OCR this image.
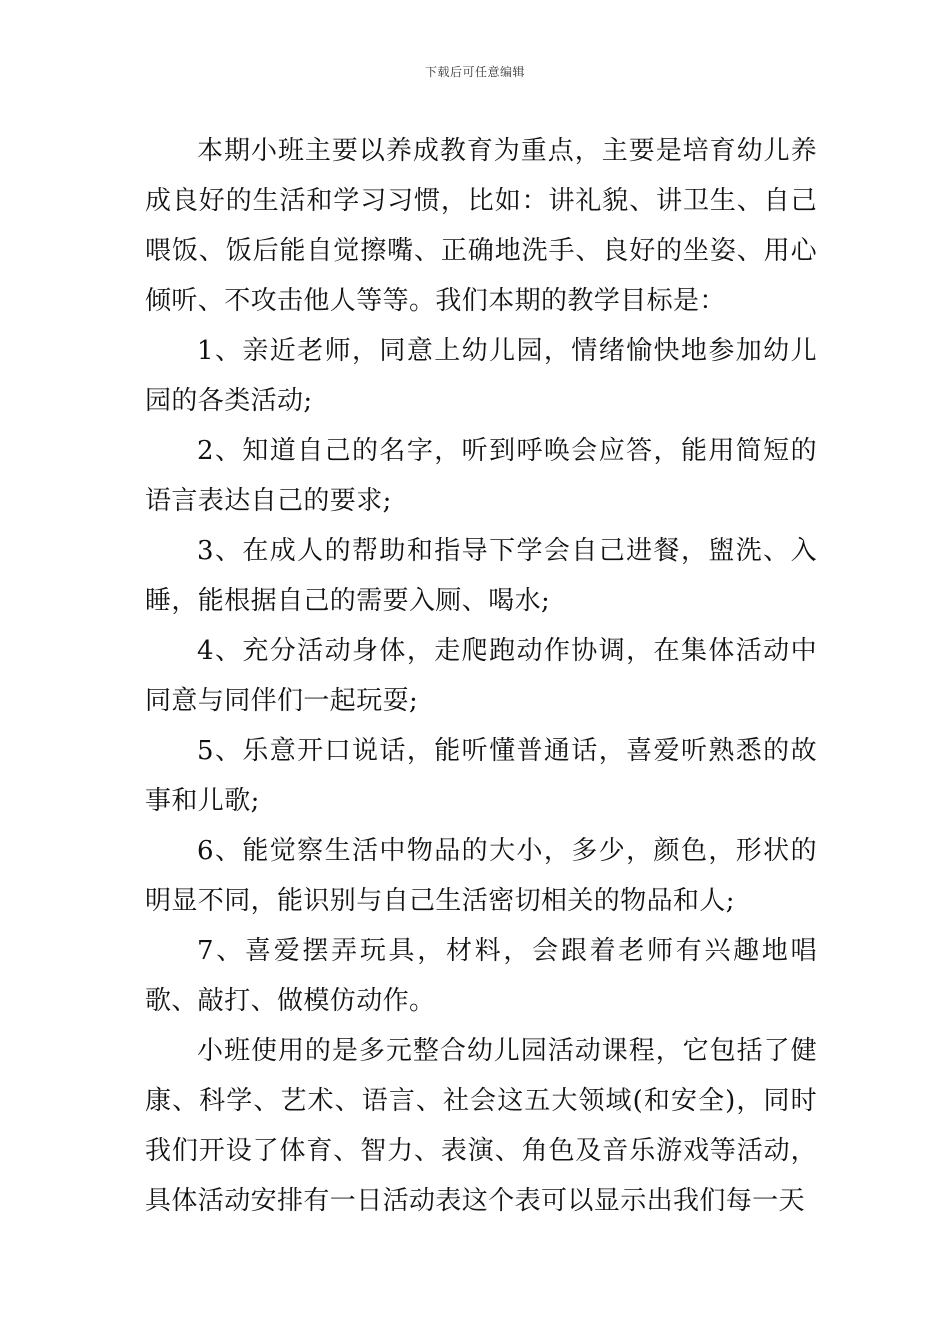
下载后可任意编辑

本期小班主要以养成教育为重点，主要是培育幼儿养成良好的生活和学习习惯，比如：讲礼貌、讲卫生、自己喂饭、饭后能自觉擦嘴、正确地洗手、良好的坐姿、用心倾听、不攻击他人等等。我们本期的教学目标是：

1、亲近老师，同意上幼儿园，情绪愉快地参加幼儿园的各类活动;

2、知道自己的名字，听到呼唤会应答，能用简短的语言表达自己的要求;

3、在成人的帮助和指导下学会自己进餐，盥洗、入睡，能根据自己的需要入厕、喝水;

4、充分活动身体，走爬跑动作协调，在集体活动中同意与同伴们一起玩耍;

5、乐意开口说话，能听懂普通话，喜爱听熟悉的故事和儿歌;

6、能觉察生活中物品的大小，多少，颜色，形状的明显不同，能识别与自己生活密切相关的物品和人;

7、喜爱摆弄玩具，材料，会跟着老师有兴趣地唱歌、敲打、做模仿动作。

小班使用的是多元整合幼儿园活动课程，它包括了健康、科学、艺术、语言、社会这五大领域(和安全)，同时我们开设了体育、智力、表演、角色及音乐游戏等活动，具体活动安排有一日活动表这个表可以显示出我们每一天
